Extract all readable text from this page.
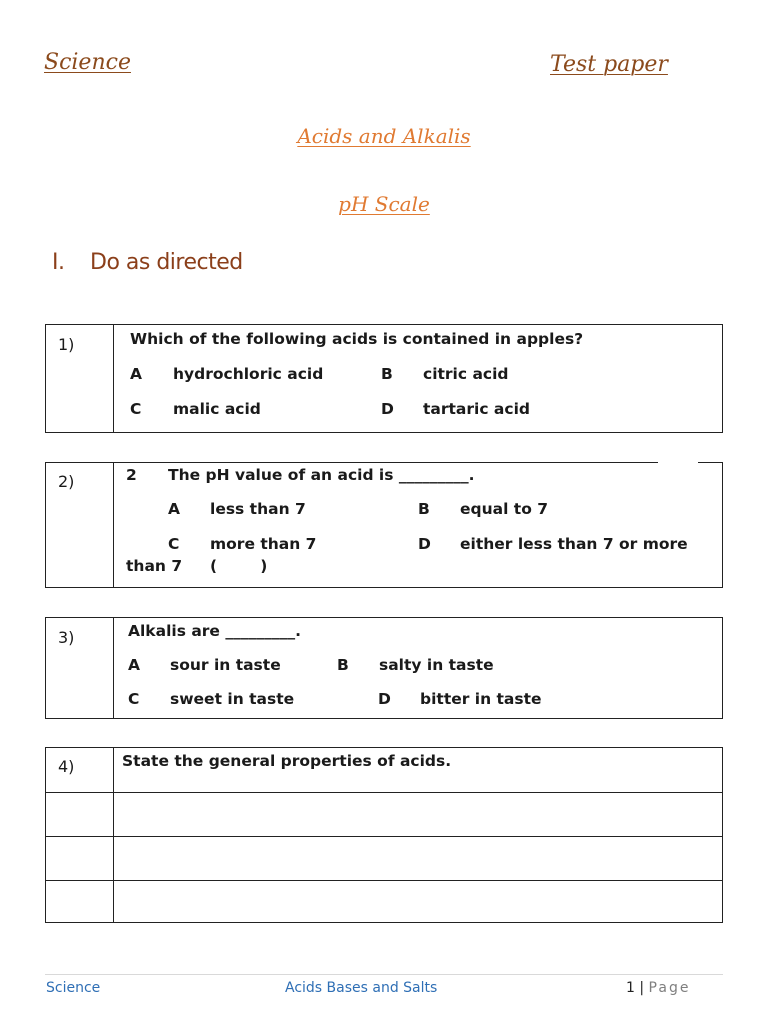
Science	Test paper
Acids and Alkalis
pH Scale
I. Do as directed
1)	Which of the following acids is contained in apples?
A hydrochloric acid	B citric acid
C malic acid	D tartaric acid
2)	2 The pH value of an acid is _________.
A less than 7	B equal to 7
C more than 7	D either less than 7 or more
than 7 (        )
3)	Alkalis are _________.
A sour in taste	B salty in taste
C sweet in taste	D bitter in taste
4)	State the general properties of acids.
Science	Acids Bases and Salts	1 | Page
